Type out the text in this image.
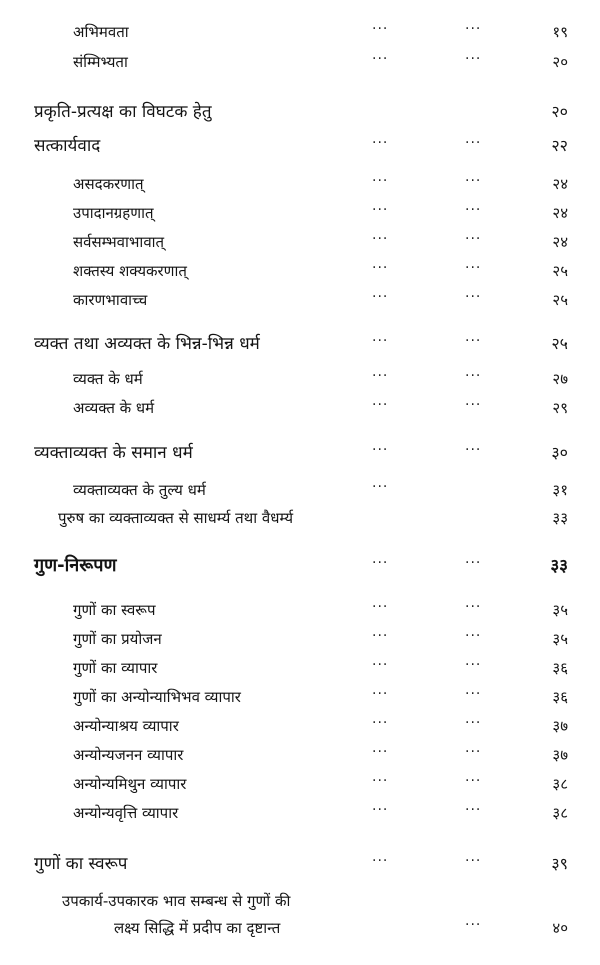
अभिमवता	···	···	१९
संम्मिभ्यता	···	···	२०
प्रकृति-प्रत्यक्ष का विघटक हेतु	२०
सत्कार्यवाद	···	···	२२
असदकरणात्	···	···	२४
उपादानग्रहणात्	···	···	२४
सर्वसम्भवाभावात्	···	···	२४
शक्तस्य शक्यकरणात्	···	···	२५
कारणभावाच्च	···	···	२५
व्यक्त तथा अव्यक्त के भिन्न-भिन्न धर्म	···	···	२५
व्यक्त के धर्म	···	···	२७
अव्यक्त के धर्म	···	···	२९
व्यक्ताव्यक्त के समान धर्म	···	···	३०
व्यक्ताव्यक्त के तुल्य धर्म	···	३१
पुरुष का व्यक्ताव्यक्त से साधर्म्य तथा वैधर्म्य	३३
गुण-निरूपण	···	···	३३
गुणों का स्वरूप	···	···	३५
गुणों का प्रयोजन	···	···	३५
गुणों का व्यापार	···	···	३६
गुणों का अन्योन्याभिभव व्यापार	···	···	३६
अन्योन्याश्रय व्यापार	···	···	३७
अन्योन्यजनन व्यापार	···	···	३७
अन्योन्यमिथुन व्यापार	···	···	३८
अन्योन्यवृत्ति व्यापार	···	···	३८
गुणों का स्वरूप	···	···	३९
उपकार्य-उपकारक भाव सम्बन्ध से गुणों की
लक्ष्य सिद्धि में प्रदीप का दृष्टान्त	···	४०
